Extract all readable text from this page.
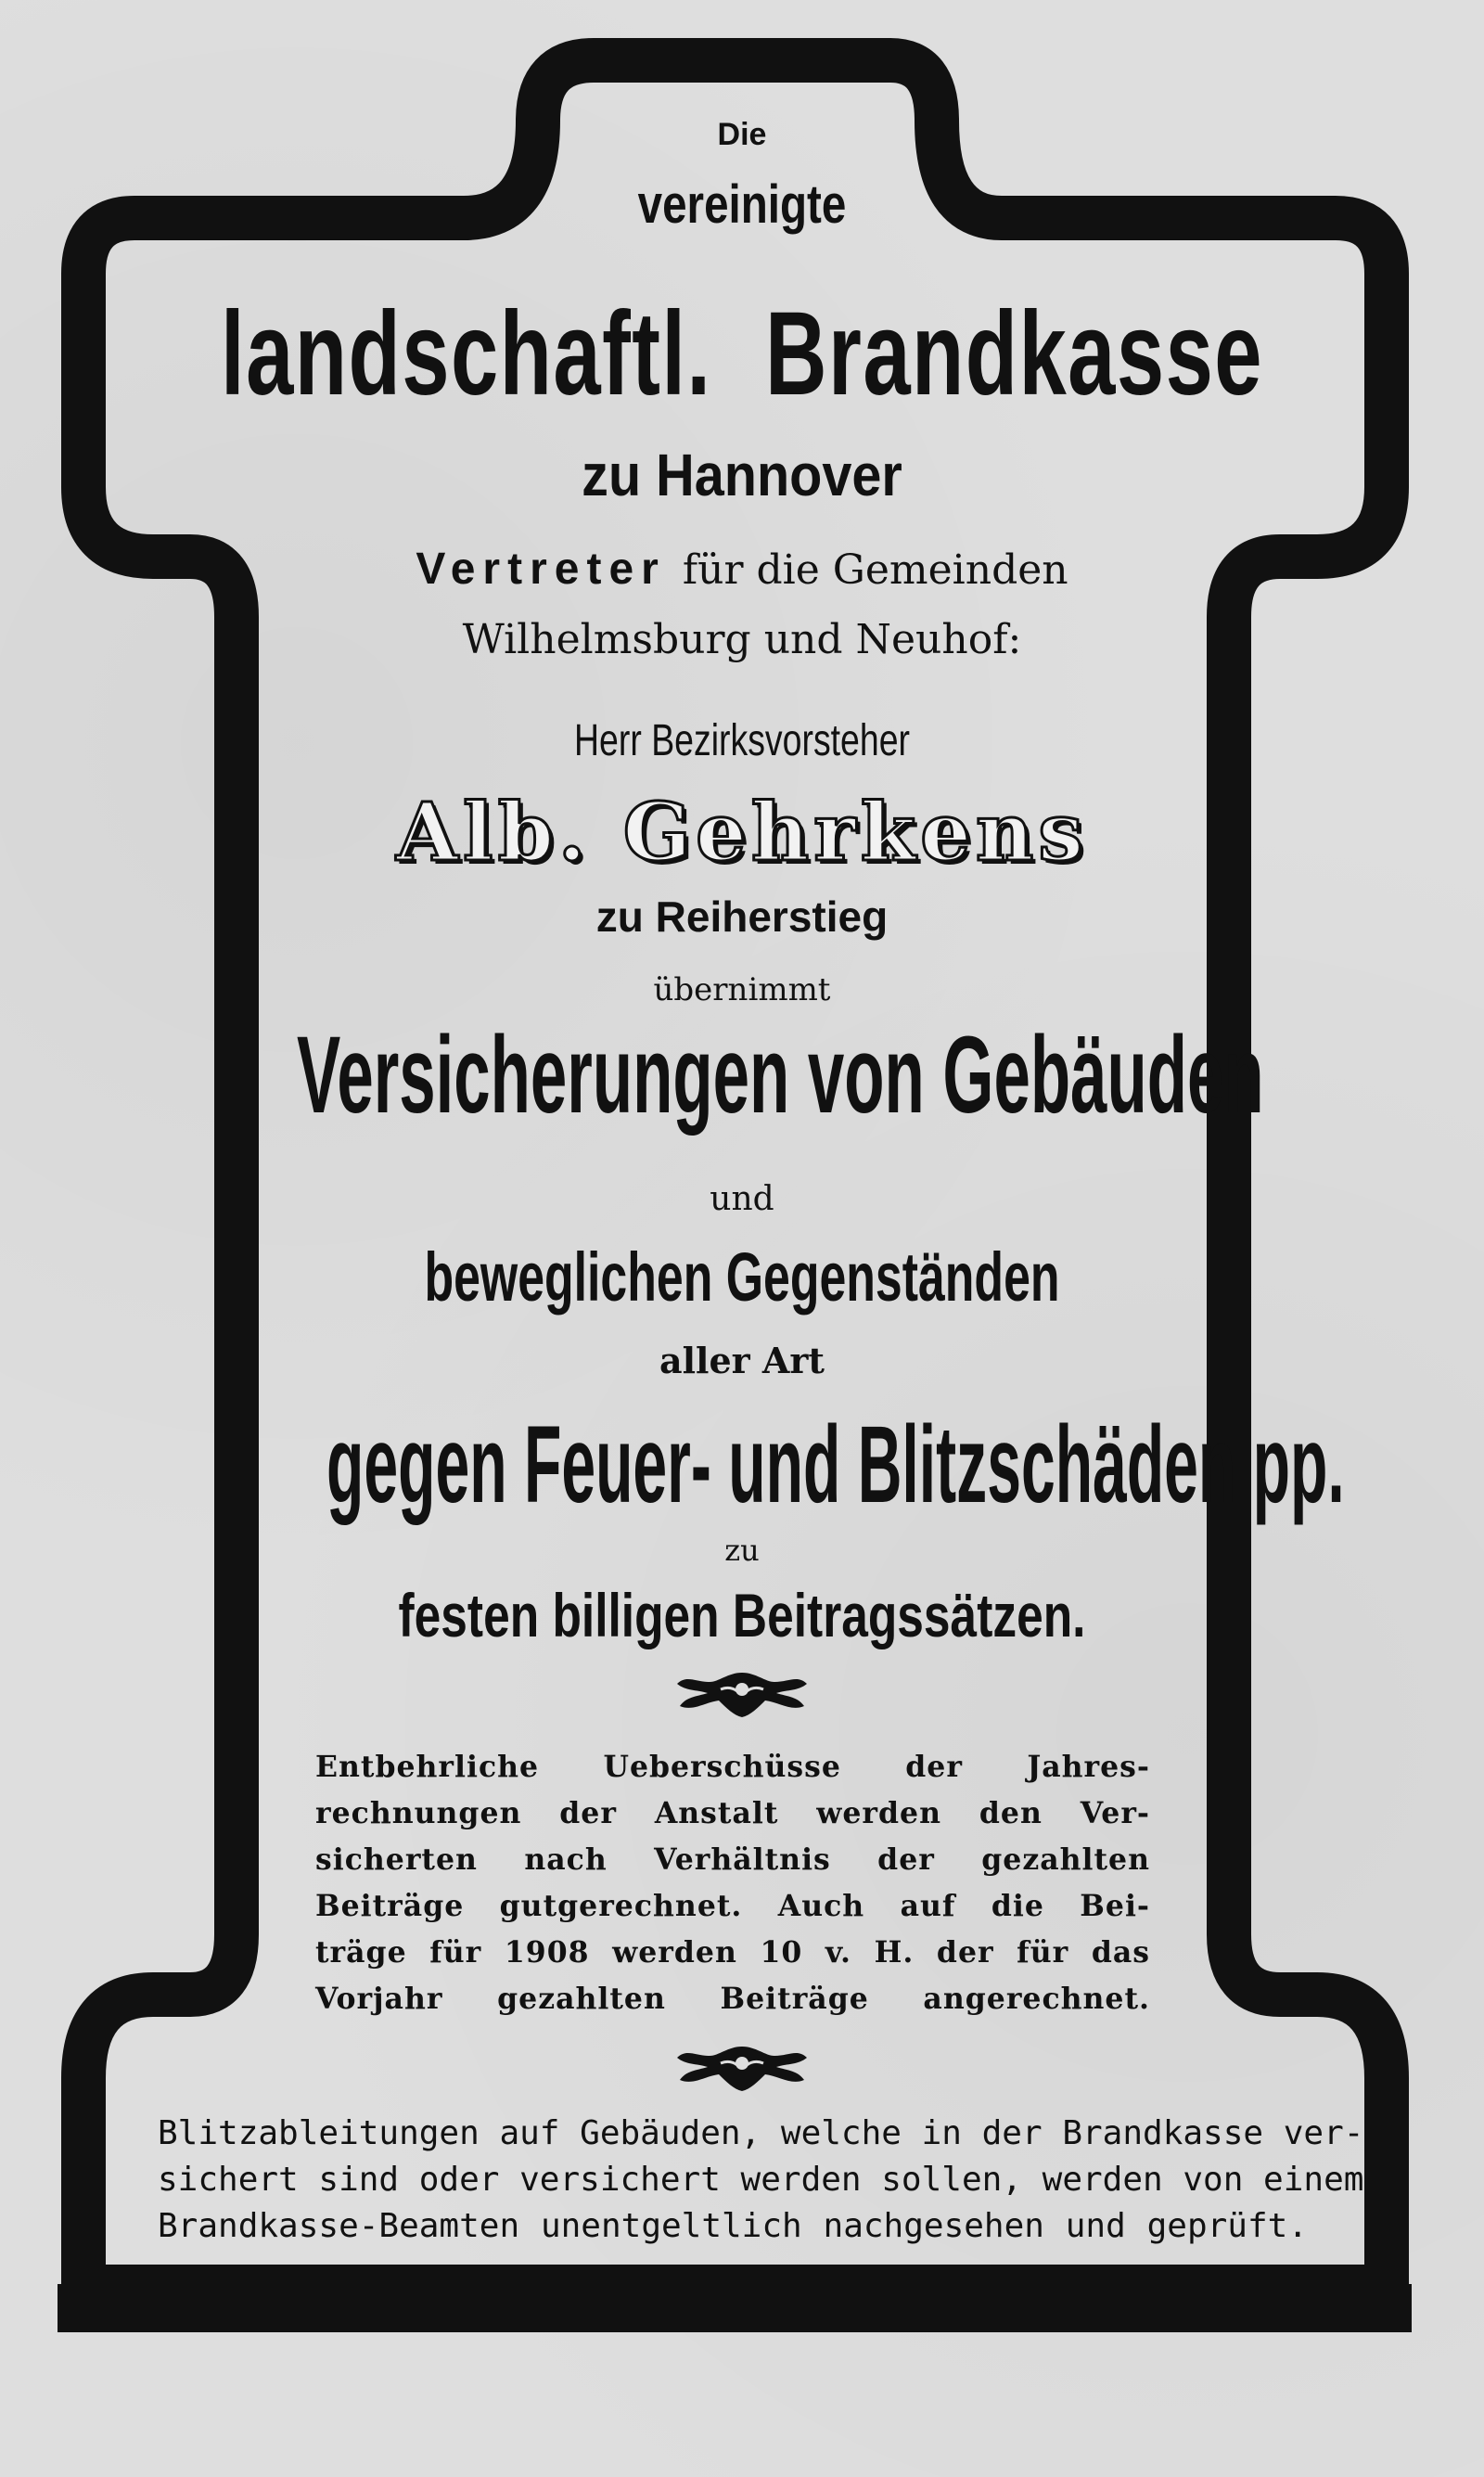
Die
vereinigte
landschaftl. Brandkasse
zu Hannover
Vertreter für die Gemeinden
Wilhelmsburg und Neuhof:
Herr Bezirksvorsteher
Alb. Gehrkens
zu Reiherstieg
übernimmt
Versicherungen von Gebäuden
und
beweglichen Gegenständen
aller Art
gegen Feuer- und Blitzschäden pp.
zu
festen billigen Beitragssätzen.
Entbehrliche Ueberschüsse der Jahres-
rechnungen der Anstalt werden den Ver-
sicherten nach Verhältnis der gezahlten
Beiträge gutgerechnet. Auch auf die Bei-
träge für 1908 werden 10 v. H. der für das
Vorjahr gezahlten Beiträge angerechnet.
Blitzableitungen auf Gebäuden, welche in der Brandkasse ver-
sichert sind oder versichert werden sollen, werden von einem
Brandkasse-Beamten unentgeltlich nachgesehen und geprüft.
